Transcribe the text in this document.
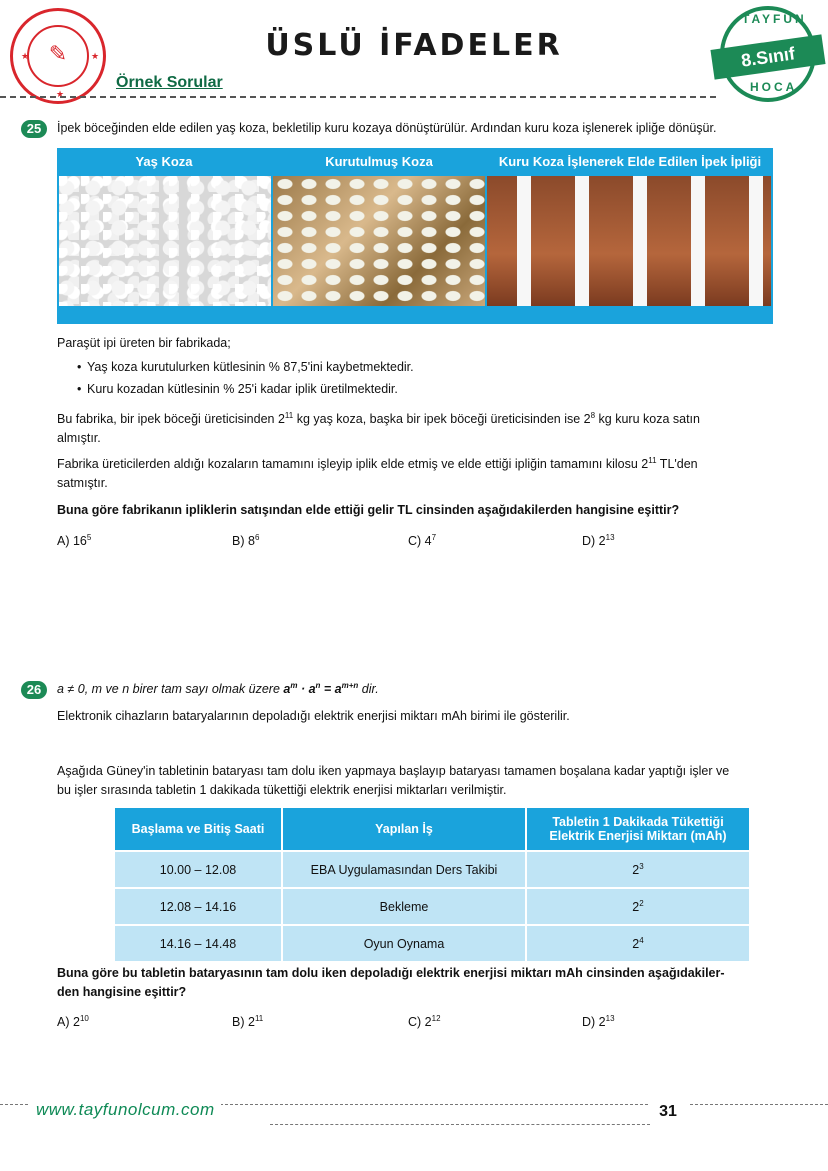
★	★
★
✎	ÜSLÜ İFADELER
Örnek Sorular
TAYFUN
8.Sınıf
HOCA
25	İpek böceğinden elde edilen yaş koza, bekletilip kuru kozaya dönüştürülür. Ardından kuru koza işlenerek ipliğe dönüşür.
Yaş Koza	Kurutulmuş Koza	Kuru Koza İşlenerek Elde Edilen İpek İpliği
Paraşüt ipi üreten bir fabrikada;
• Yaş koza kurutulurken kütlesinin % 87,5'ini kaybetmektedir.
• Kuru kozadan kütlesinin % 25'i kadar iplik üretilmektedir.
Bu fabrika, bir ipek böceği üreticisinden $2^{11}$ kg yaş koza, başka bir ipek böceği üreticisinden ise $2^8$ kg kuru koza satın
almıştır.
Fabrika üreticilerden aldığı kozaların tamamını işleyip iplik elde etmiş ve elde ettiği ipliğin tamamını kilosu $2^{11}$ TL'den
satmıştır.
Buna göre fabrikanın ipliklerin satışından elde ettiği gelir TL cinsinden aşağıdakilerden hangisine eşittir?
A) $16^5$	B) $8^6$	C) $4^7$	D) $2^{13}$
26	a ≠ 0, m ve n birer tam sayı olmak üzere $a^m \cdot a^n = a^{m+n}$ dir.
Elektronik cihazların bataryalarının depoladığı elektrik enerjisi miktarı mAh birimi ile gösterilir.
Aşağıda Güney'in tabletinin bataryası tam dolu iken yapmaya başlayıp bataryası tamamen boşalana kadar yaptığı işler ve
bu işler sırasında tabletin 1 dakikada tükettiği elektrik enerjisi miktarları verilmiştir.
Başlama ve Bitiş Saati	Yapılan İş	Tabletin 1 Dakikada Tükettiği
Elektrik Enerjisi Miktarı (mAh)

10.00 – 12.08	EBA Uygulamasından Ders Takibi	$2^3$
12.08 – 14.16	Bekleme	$2^2$
14.16 – 14.48	Oyun Oynama	$2^4$
Buna göre bu tabletin bataryasının tam dolu iken depoladığı elektrik enerjisi miktarı mAh cinsinden aşağıdakiler-
den hangisine eşittir?
A) $2^{10}$	B) $2^{11}$	C) $2^{12}$	D) $2^{13}$
www.tayfunolcum.com	31
